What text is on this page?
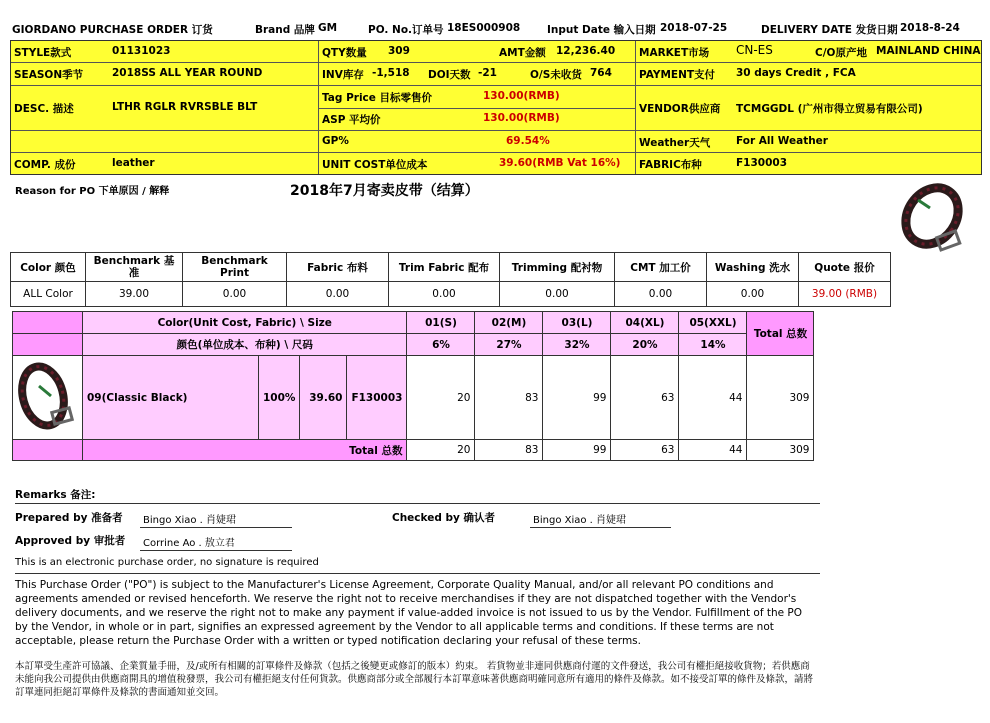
GIORDANO PURCHASE ORDER 订货	Brand 品牌 GM	PO. No.订单号 18ES000908	Input Date 输入日期 2018-07-25	DELIVERY DATE 发货日期 2018-8-24
STYLE款式	01131023
SEASON季节	2018SS ALL YEAR ROUND
DESC. 描述	LTHR RGLR RVRSBLE BLT
COMP. 成份	leather
QTY数量 309	AMT金额 12,236.40
INV库存 -1,518 DOI天数 -21	O/S未收货 764
Tag Price 目标零售价	130.00(RMB)
ASP 平均价	130.00(RMB)
GP%	69.54%
UNIT COST单位成本	39.60(RMB Vat 16%)
MARKET市场 CN-ES	C/O原产地 MAINLAND CHINA
PAYMENT支付 30 days Credit , FCA
VENDOR供应商 TCMGGDL (广州市得立贸易有限公司)
Weather天气 For All Weather
FABRIC布种	F130003
Reason for PO 下单原因 / 解释	2018年7月寄卖皮带（结算）
Color 颜色	Benchmark 基准	Benchmark Print	Fabric 布料	Trim Fabric 配布	Trimming 配衬物	CMT 加工价	Washing 洗水	Quote 报价
ALL Color	39.00	0.00	0.00	0.00	0.00	0.00	0.00	39.00 (RMB)
	Color(Unit Cost, Fabric) \ Size				01(S)	02(M)	03(L)	04(XL)	05(XXL)	Total 总数
	颜色(单位成本、布种) \ 尺码				6%	27%	32%	20%	14%	
	09(Classic Black)	100%	39.60	F130003	20	83	99	63	44	309
	Total 总数				20	83	99	63	44	309
Remarks 备注:
Prepared by 准备者 Bingo Xiao . 肖婕珺	Checked by 确认者	Bingo Xiao . 肖婕珺
Approved by 审批者 Corrine Ao . 敖立君
This is an electronic purchase order, no signature is required
This Purchase Order ("PO") is subject to the Manufacturer's License Agreement, Corporate Quality Manual, and/or all relevant PO conditions and agreements amended or revised henceforth. We reserve the right not to receive merchandises if they are not dispatched together with the Vendor's delivery documents, and we reserve the right not to make any payment if value-added invoice is not issued to us by the Vendor. Fulfillment of the PO by the Vendor, in whole or in part, signifies an expressed agreement by the Vendor to all applicable terms and conditions. If these terms are not acceptable, please return the Purchase Order with a written or typed notification declaring your refusal of these terms.
本訂單受生產許可協議、企業質量手冊，及/或所有相關的訂單條件及條款（包括之後變更或修訂的版本）約束。 若貨物並非連同供應商付運的文件發送，我公司有權拒絕接收貨物；若供應商未能向我公司提供由供應商開具的增值稅發票，我公司有權拒絕支付任何貨款。供應商部分或全部履行本訂單意味著供應商明確同意所有適用的條件及條款。如不接受訂單的條件及條款，請將訂單連同拒絕訂單條件及條款的書面通知並交回。
